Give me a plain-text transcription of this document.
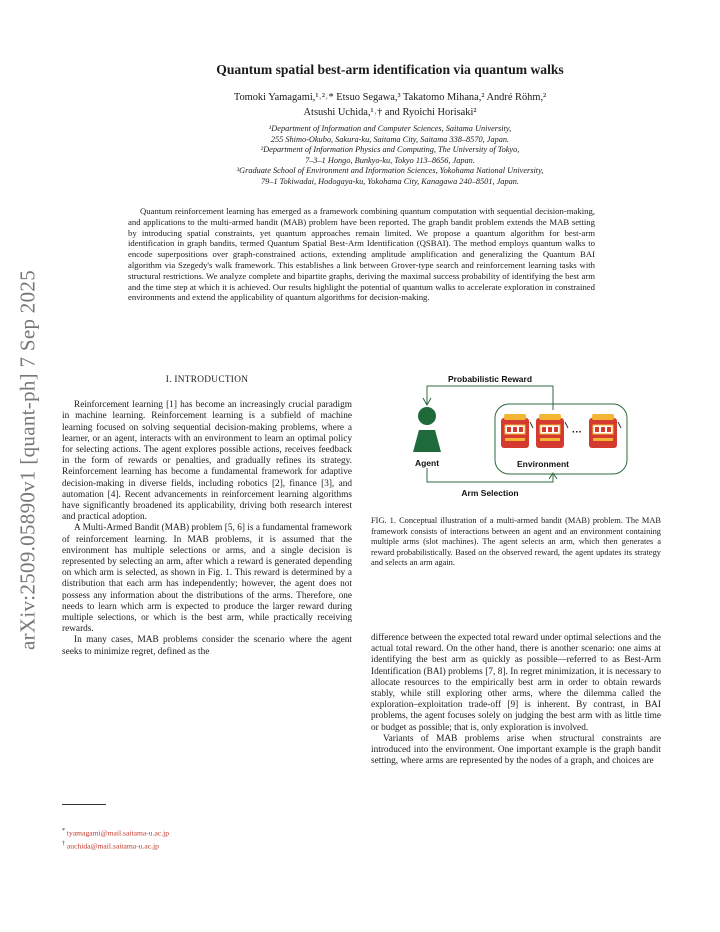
arXiv:2509.05890v1 [quant-ph] 7 Sep 2025
Quantum spatial best-arm identification via quantum walks
Tomoki Yamagami,¹˒²˒* Etsuo Segawa,³ Takatomo Mihana,² André Röhm,²
Atsushi Uchida,¹˒† and Ryoichi Horisaki²
¹Department of Information and Computer Sciences, Saitama University,
255 Shimo-Okubo, Sakura-ku, Saitama City, Saitama 338–8570, Japan.
²Department of Information Physics and Computing, The University of Tokyo,
7–3–1 Hongo, Bunkyo-ku, Tokyo 113–8656, Japan.
³Graduate School of Environment and Information Sciences, Yokohama National University,
79–1 Tokiwadai, Hodogaya-ku, Yokohama City, Kanagawa 240–8501, Japan.
Quantum reinforcement learning has emerged as a framework combining quantum computation with sequential decision-making, and applications to the multi-armed bandit (MAB) problem have been reported. The graph bandit problem extends the MAB setting by introducing spatial constraints, yet quantum approaches remain limited. We propose a quantum algorithm for best-arm identification in graph bandits, termed Quantum Spatial Best-Arm Identification (QSBAI). The method employs quantum walks to encode superpositions over graph-constrained actions, extending amplitude amplification and generalizing the Quantum BAI algorithm via Szegedy's walk framework. This establishes a link between Grover-type search and reinforcement learning tasks with structural restrictions. We analyze complete and bipartite graphs, deriving the maximal success probability of identifying the best arm and the time step at which it is achieved. Our results highlight the potential of quantum walks to accelerate exploration in constrained environments and extend the applicability of quantum algorithms for decision-making.
I. INTRODUCTION

Reinforcement learning [1] has become an increasingly crucial paradigm in machine learning. Reinforcement learning is a subfield of machine learning focused on solving sequential decision-making problems, where a learner, or an agent, interacts with an environment to learn an optimal policy for selecting actions. The agent explores possible actions, receives feedback in the form of rewards or penalties, and gradually refines its strategy. Reinforcement learning has become a fundamental framework for adaptive decision-making in diverse fields, including robotics [2], finance [3], and automation [4]. Recent advancements in reinforcement learning algorithms have significantly broadened its applicability, driving both research interest and practical adoption.

A Multi-Armed Bandit (MAB) problem [5, 6] is a fundamental framework of reinforcement learning. In MAB problems, it is assumed that the environment has multiple selections or arms, and a single decision is represented by selecting an arm, after which a reward is generated depending on which arm is selected, as shown in Fig. 1. This reward is determined by a distribution that each arm has independently; however, the agent does not possess any information about the distributions of the arms. Therefore, one needs to learn which arm is expected to produce the larger reward during multiple selections, or which is the best arm, while practically receiving rewards.

In many cases, MAB problems consider the scenario where the agent seeks to minimize regret, defined as the

Probabilistic Reward
Arm Selection
Agent	Environment
···
FIG. 1. Conceptual illustration of a multi-armed bandit (MAB) problem. The MAB framework consists of interactions between an agent and an environment containing multiple arms (slot machines). The agent selects an arm, which then generates a reward probabilistically. Based on the observed reward, the agent updates its strategy and selects an arm again.

difference between the expected total reward under optimal selections and the actual total reward. On the other hand, there is another scenario: one aims at identifying the best arm as quickly as possible—referred to as Best-Arm Identification (BAI) problems [7, 8]. In regret minimization, it is necessary to allocate resources to the empirically best arm in order to obtain rewards stably, while still exploring other arms, where the dilemma called the exploration–exploitation trade-off [9] is inherent. By contrast, in BAI problems, the agent focuses solely on judging the best arm with as little time or budget as possible; that is, only exploration is involved.

Variants of MAB problems arise when structural constraints are introduced into the environment. One important example is the graph bandit setting, where arms are represented by the nodes of a graph, and choices are

* tyamagami@mail.saitama-u.ac.jp
† auchida@mail.saitama-u.ac.jp
